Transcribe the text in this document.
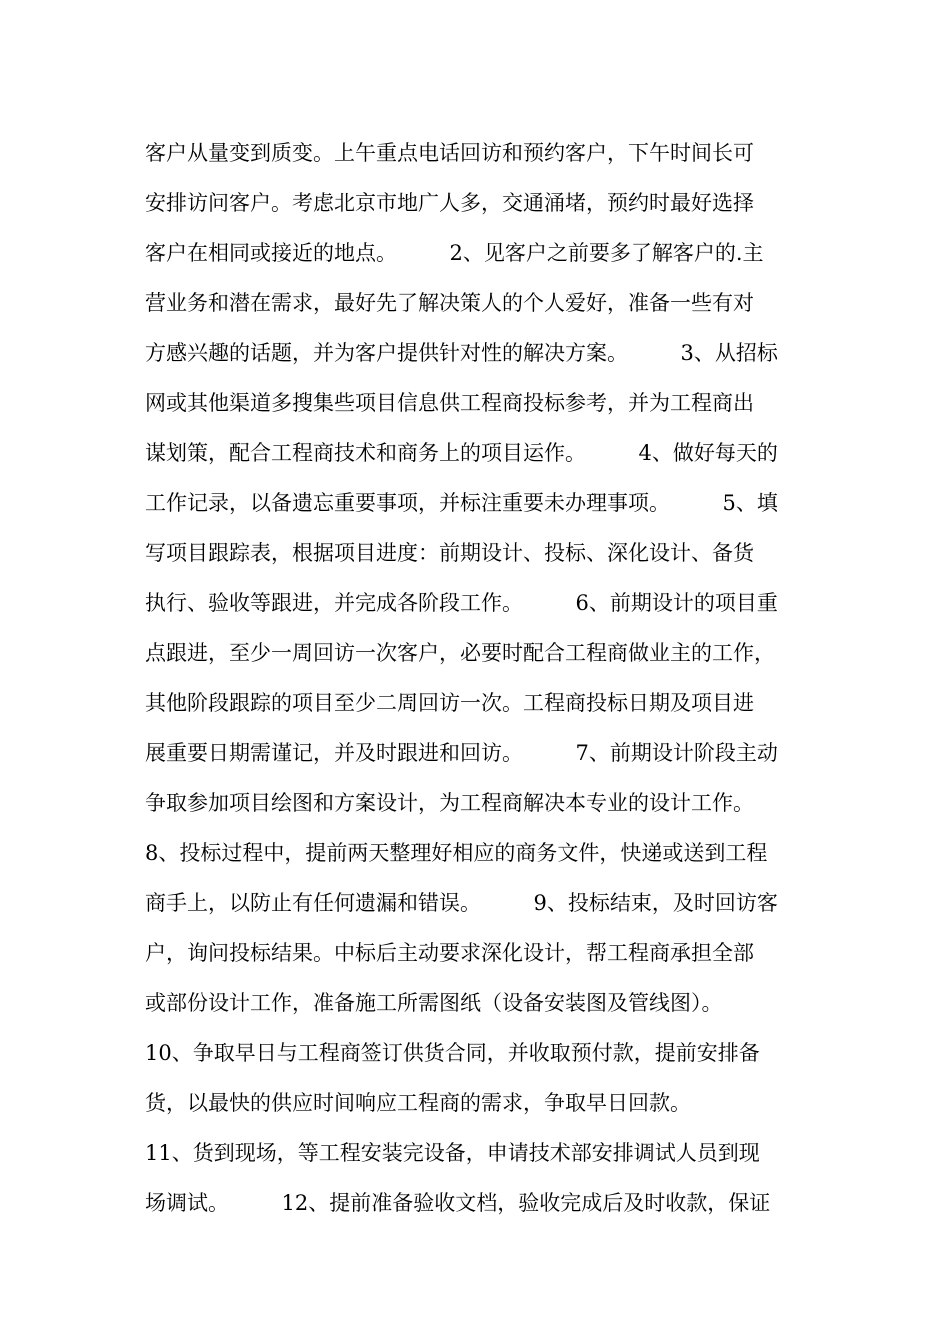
客户从量变到质变。上午重点电话回访和预约客户，下午时间长可
安排访问客户。考虑北京市地广人多，交通涌堵，预约时最好选择
客户在相同或接近的地点。　　　2、见客户之前要多了解客户的.主
营业务和潜在需求，最好先了解决策人的个人爱好，准备一些有对
方感兴趣的话题，并为客户提供针对性的解决方案。　　　3、从招标
网或其他渠道多搜集些项目信息供工程商投标参考，并为工程商出
谋划策，配合工程商技术和商务上的项目运作。　　　4、做好每天的
工作记录，以备遗忘重要事项，并标注重要未办理事项。　　　5、填
写项目跟踪表，根据项目进度：前期设计、投标、深化设计、备货
执行、验收等跟进，并完成各阶段工作。　　　6、前期设计的项目重
点跟进，至少一周回访一次客户，必要时配合工程商做业主的工作，
其他阶段跟踪的项目至少二周回访一次。工程商投标日期及项目进
展重要日期需谨记，并及时跟进和回访。　　　7、前期设计阶段主动
争取参加项目绘图和方案设计，为工程商解决本专业的设计工作。
8、投标过程中，提前两天整理好相应的商务文件，快递或送到工程
商手上，以防止有任何遗漏和错误。　　　9、投标结束，及时回访客
户，询问投标结果。中标后主动要求深化设计，帮工程商承担全部
或部份设计工作，准备施工所需图纸（设备安装图及管线图）。
10、争取早日与工程商签订供货合同，并收取预付款，提前安排备
货，以最快的供应时间响应工程商的需求，争取早日回款。
11、货到现场，等工程安装完设备，申请技术部安排调试人员到现
场调试。　　　12、提前准备验收文档，验收完成后及时收款，保证
